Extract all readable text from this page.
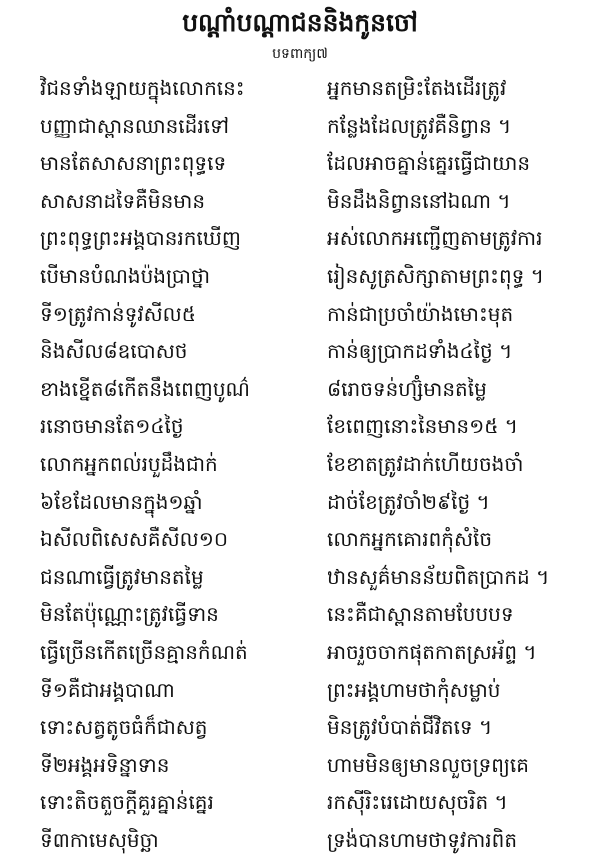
បណ្ដាំបណ្ដាជននិងកូនចៅ
បទពាក្យ៧
វិជនទាំងឡាយក្នុងលោកនេះ	អ្នកមានតម្រិះតែងដើរត្រូវ
បញ្ញាជាស្ពានឈានដើរទៅ	កន្លែងដែលត្រូវគឺនិព្វាន ។
មានតែសាសនាព្រះពុទ្ធទេ	ដែលអាចគ្នាន់គ្នេរធ្វើជាយាន
សាសនាដទៃគឺមិនមាន	មិនដឹងនិព្វាននៅឯណា ។
ព្រះពុទ្ធព្រះអង្គបានរកឃើញ	អស់លោកអញ្ជើញតាមត្រូវការ
បើមានបំណងប៉ងប្រាថ្នា	រៀនសូត្រសិក្សាតាមព្រះពុទ្ធ ។
ទី១ត្រូវកាន់ទូវសីល៥	កាន់ជាប្រចាំយ៉ាងមោះមុត
និងសីល៨ឧបោសថ	កាន់ឲ្យប្រាកដទាំង៤ថ្ងៃ ។
ខាងខ្នើត៨កើតនឹងពេញបូណ៌	៨រោចទន់ហ្ស៊ំមានតម្លៃ
រនោចមានតែ១៤ថ្ងៃ	ខែពេញនោះនៃមាន១៥ ។
លោកអ្នកពល់របួដឹងជាក់	ខែខាតត្រូវដាក់ហើយចងចាំ
៦ខែដែលមានក្នុង១ឆ្នាំ	ដាច់ខែត្រូវចាំ២៩ថ្ងៃ ។
ឯសីលពិសេសគឺសីល១០	លោកអ្នកគោរពកុំសំចៃ
ជនណាធ្វើត្រូវមានតម្លៃ	ឋានសួគ៌មានន័យពិតប្រាកដ ។
មិនតែប៉ុណ្ណោះត្រូវធ្វើទាន	នេះគឺជាស្ពានតាមបែបបទ
ធ្វើច្រើនកើតច្រើនគ្មានកំណត់	អាចរួចចាកផុតកាតស្រអ័ព្ទ ។
ទី១គឺជាអង្គបាណា	ព្រះអង្គហាមថាកុំសម្លាប់
ទោះសត្វតូចធំក៏ជាសត្វ	មិនត្រូវបំបាត់ជីវិតទេ ។
ទី២អង្គអទិន្នាទាន	ហាមមិនឲ្យមានលួចទ្រព្យគេ
ទោះតិចតួចក្តីគួរគ្នាន់គ្នេរ	រកស៊ីរិះរេដោយសុចរិត ។
ទី៣កាមេសុមិច្ឆា	ទ្រង់បានហាមថាទូវការពិត
